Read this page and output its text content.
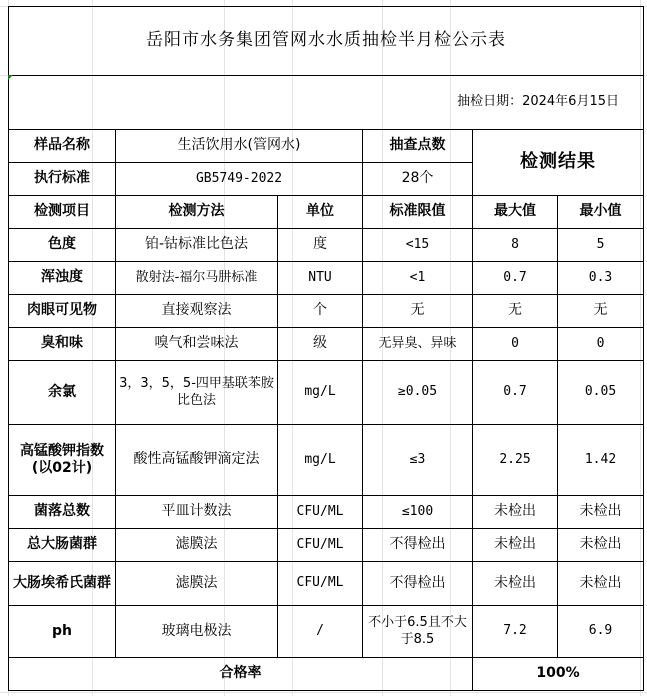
岳阳市水务集团管网水水质抽检半月检公示表					
抽检日期：2024年6月15日					
样品名称	生活饮用水(管网水)		抽查点数	检测结果	
执行标准	GB5749-2022		28个		
检测项目	检测方法	单位	标准限值	最大值	最小值
色度	铂-钴标准比色法	度	<15	8	5
浑浊度	散射法-福尔马肼标准	NTU	<1	0.7	0.3
肉眼可见物	直接观察法	个	无	无	无
臭和味	嗅气和尝味法	级	无异臭、异味	0	0
余氯	3，3，5，5-四甲基联苯胺比色法	mg/L	≥0.05	0.7	0.05
高锰酸钾指数(以02计)	酸性高锰酸钾滴定法	mg/L	≤3	2.25	1.42
菌落总数	平皿计数法	CFU/ML	≤100	未检出	未检出
总大肠菌群	滤膜法	CFU/ML	不得检出	未检出	未检出
大肠埃希氏菌群	滤膜法	CFU/ML	不得检出	未检出	未检出
ph	玻璃电极法	/	不小于6.5且不大于8.5	7.2	6.9
合格率				100%	
